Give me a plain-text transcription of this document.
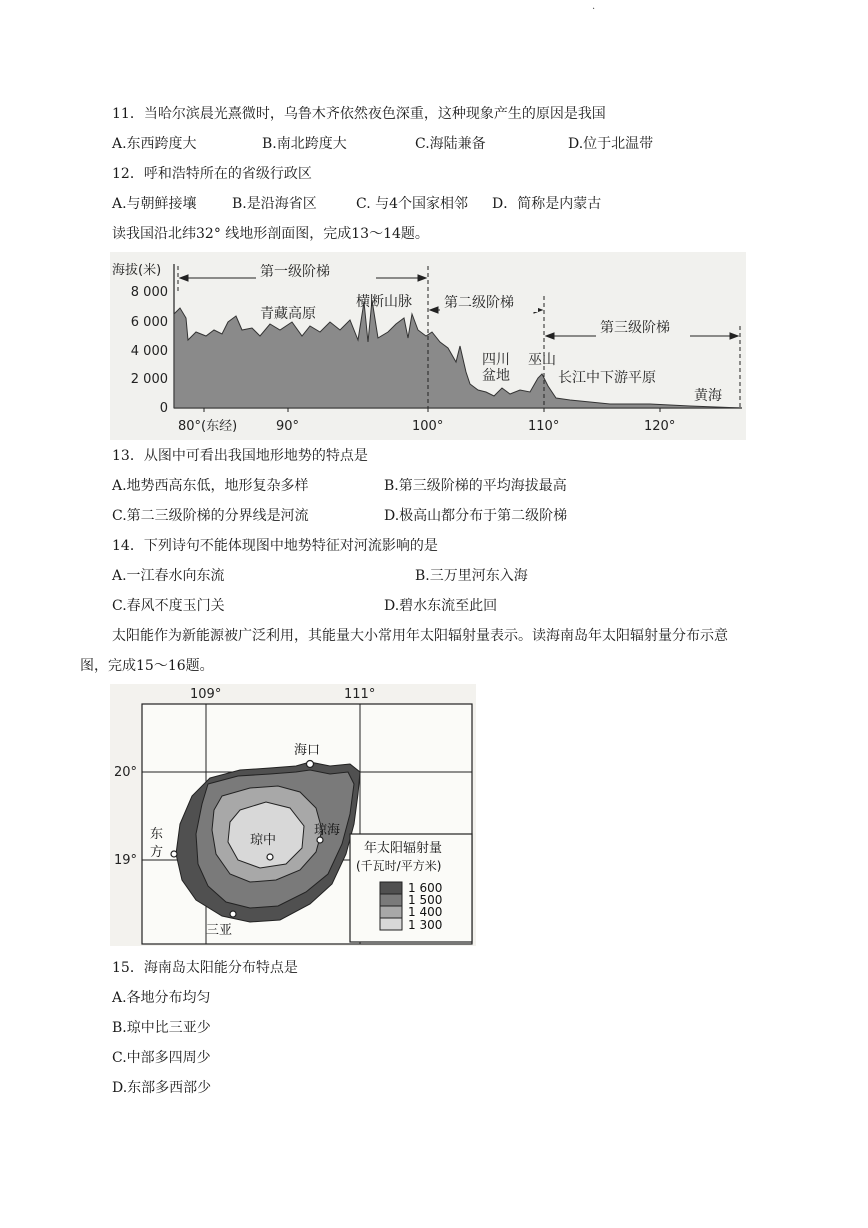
·
11．当哈尔滨晨光熹微时，乌鲁木齐依然夜色深重，这种现象产生的原因是我国
A.东西跨度大	B.南北跨度大	C.海陆兼备	D.位于北温带
12．呼和浩特所在的省级行政区
A.与朝鲜接壤	B.是沿海省区	C. 与4个国家相邻 D．简称是内蒙古
读我国沿北纬32° 线地形剖面图，完成13～14题。
8 000
6 000
4 000
2 000
0
海拔(米)	第一级阶梯
第二级阶梯
第三级阶梯
青藏高原
横断山脉
长江中下游平原
黄海
四川
盆地
巫山
80°(东经)	90°	100°	110°	120°
13．从图中可看出我国地形地势的特点是
A.地势西高东低，地形复杂多样	B.第三级阶梯的平均海拔最高
C.第二三级阶梯的分界线是河流	D.极高山都分布于第二级阶梯
14．下列诗句不能体现图中地势特征对河流影响的是
A.一江春水向东流	B.三万里河东入海
C.春风不度玉门关	D.碧水东流至此回
太阳能作为新能源被广泛利用，其能量大小常用年太阳辐射量表示。读海南岛年太阳辐射量分布示意
图，完成15～16题。
109°	111°
20°
19°
海口
琼海
琼中
三亚
东
方	年太阳辐射量
(千瓦时/平方米)
1 600
1 500
1 400
1 300
15．海南岛太阳能分布特点是
A.各地分布均匀
B.琼中比三亚少
C.中部多四周少
D.东部多西部少
